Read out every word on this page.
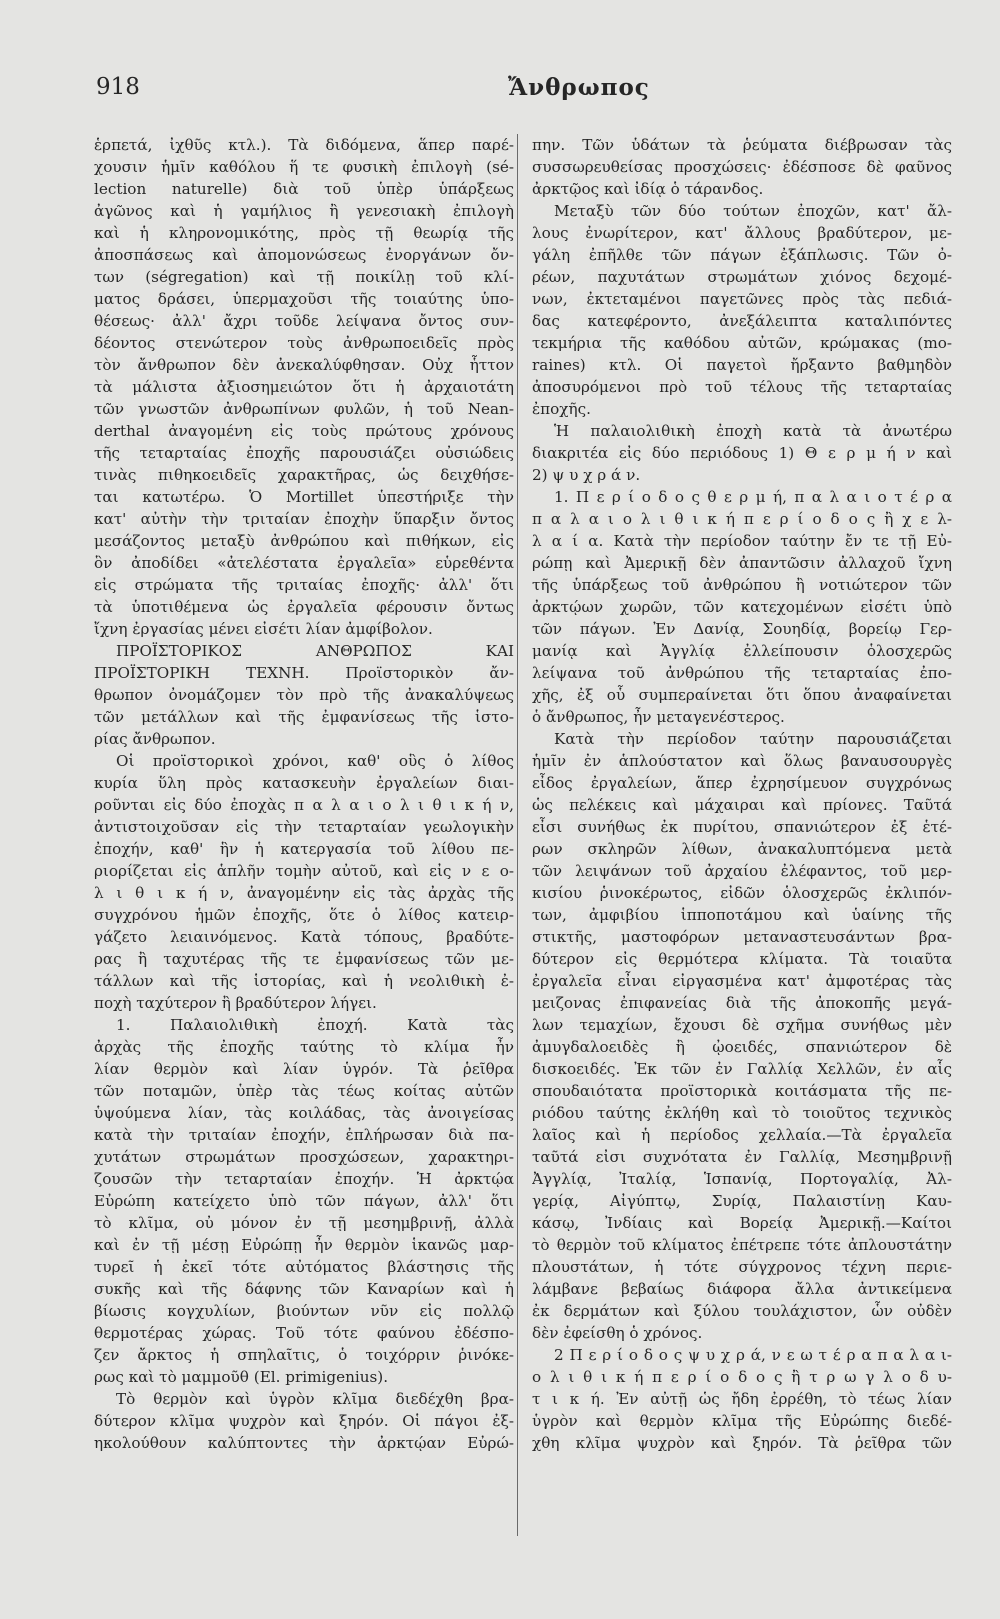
918	Ἄνθρωπος
ἑρπετά, ἰχθῦς κτλ.). Τὰ διδόμενα, ἅπερ παρέ-
χουσιν ἡμῖν καθόλου ἥ τε φυσικὴ ἐπιλογὴ (sé-
lection naturelle) διὰ τοῦ ὑπὲρ ὑπάρξεως
ἀγῶνος καὶ ἡ γαμήλιος ἢ γενεσιακὴ ἐπιλογὴ
καὶ ἡ κληρονομικότης, πρὸς τῇ θεωρίᾳ τῆς
ἀποσπάσεως καὶ ἀπομονώσεως ἐνοργάνων ὄν-
των (ségregation) καὶ τῇ ποικίλῃ τοῦ κλί-
ματος δράσει, ὑπερμαχοῦσι τῆς τοιαύτης ὑπο-
θέσεως· ἀλλ' ἄχρι τοῦδε λείψανα ὄντος συν-
δέοντος στενώτερον τοὺς ἀνθρωποειδεῖς πρὸς
τὸν ἄνθρωπον δὲν ἀνεκαλύφθησαν. Οὐχ ἧττον
τὰ μάλιστα ἀξιοσημειώτον ὅτι ἡ ἀρχαιοτάτη
τῶν γνωστῶν ἀνθρωπίνων φυλῶν, ἡ τοῦ Nean-
derthal ἀναγομένη εἰς τοὺς πρώτους χρόνους
τῆς τεταρταίας ἐποχῆς παρουσιάζει οὐσιώδεις
τινὰς πιθηκοειδεῖς χαρακτῆρας, ὡς δειχθήσε-
ται κατωτέρω. Ὁ Mortillet ὑπεστήριξε τὴν
κατ' αὐτὴν τὴν τριταίαν ἐποχὴν ὕπαρξιν ὄντος
μεσάζοντος μεταξὺ ἀνθρώπου καὶ πιθήκων, εἰς
ὃν ἀποδίδει «ἀτελέστατα ἐργαλεῖα» εὑρεθέντα
εἰς στρώματα τῆς τριταίας ἐποχῆς· ἀλλ' ὅτι
τὰ ὑποτιθέμενα ὡς ἐργαλεῖα φέρουσιν ὄντως
ἴχνη ἐργασίας μένει εἰσέτι λίαν ἀμφίβολον.
ΠΡΟΪΣΤΟΡΙΚΟΣ ΑΝΘΡΩΠΟΣ ΚΑΙ
ΠΡΟΪΣΤΟΡΙΚΗ ΤΕΧΝΗ. Προϊστορικὸν ἄν-
θρωπον ὀνομάζομεν τὸν πρὸ τῆς ἀνακαλύψεως
τῶν μετάλλων καὶ τῆς ἐμφανίσεως τῆς ἱστο-
ρίας ἄνθρωπον.
Οἱ προϊστορικοὶ χρόνοι, καθ' οὓς ὁ λίθος
κυρία ὕλη πρὸς κατασκευὴν ἐργαλείων διαι-
ροῦνται εἰς δύο ἐποχὰς π α λ α ι ο λ ι θ ι κ ή ν,
ἀντιστοιχοῦσαν εἰς τὴν τεταρταίαν γεωλογικὴν
ἐποχήν, καθ' ἣν ἡ κατεργασία τοῦ λίθου πε-
ριορίζεται εἰς ἁπλῆν τομὴν αὐτοῦ, καὶ εἰς ν ε ο-
λ ι θ ι κ ή ν, ἀναγομένην εἰς τὰς ἀρχὰς τῆς
συγχρόνου ἡμῶν ἐποχῆς, ὅτε ὁ λίθος κατειρ-
γάζετο λειαινόμενος. Κατὰ τόπους, βραδύτε-
ρας ἢ ταχυτέρας τῆς τε ἐμφανίσεως τῶν με-
τάλλων καὶ τῆς ἱστορίας, καὶ ἡ νεολιθικὴ ἐ-
ποχὴ ταχύτερον ἢ βραδύτερον λήγει.
1. Παλαιολιθικὴ ἐποχή. Κατὰ τὰς
ἀρχὰς τῆς ἐποχῆς ταύτης τὸ κλίμα ἦν
λίαν θερμὸν καὶ λίαν ὑγρόν. Τὰ ῥεῖθρα
τῶν ποταμῶν, ὑπὲρ τὰς τέως κοίτας αὐτῶν
ὑψούμενα λίαν, τὰς κοιλάδας, τὰς ἀνοιγείσας
κατὰ τὴν τριταίαν ἐποχήν, ἐπλήρωσαν διὰ πα-
χυτάτων στρωμάτων προσχώσεων, χαρακτηρι-
ζουσῶν τὴν τεταρταίαν ἐποχήν. Ἡ ἀρκτῴα
Εὐρώπη κατείχετο ὑπὸ τῶν πάγων, ἀλλ' ὅτι
τὸ κλῖμα, οὐ μόνον ἐν τῇ μεσημβρινῇ, ἀλλὰ
καὶ ἐν τῇ μέσῃ Εὐρώπῃ ἦν θερμὸν ἱκανῶς μαρ-
τυρεῖ ἡ ἐκεῖ τότε αὐτόματος βλάστησις τῆς
συκῆς καὶ τῆς δάφνης τῶν Καναρίων καὶ ἡ
βίωσις κογχυλίων, βιούντων νῦν εἰς πολλῷ
θερμοτέρας χώρας. Τοῦ τότε φαύνου ἐδέσπο-
ζεν ἄρκτος ἡ σπηλαῖτις, ὁ τοιχόρριν ῥινόκε-
ρως καὶ τὸ μαμμοῦθ (El. primigenius).
Τὸ θερμὸν καὶ ὑγρὸν κλῖμα διεδέχθη βρα-
δύτερον κλῖμα ψυχρὸν καὶ ξηρόν. Οἱ πάγοι ἐξ-
ηκολούθουν καλύπτοντες τὴν ἀρκτῴαν Εὐρώ-
πην. Τῶν ὑδάτων τὰ ῥεύματα διέβρωσαν τὰς
συσσωρευθείσας προσχώσεις· ἐδέσποσε δὲ φαῦνος
ἀρκτῷος καὶ ἰδίᾳ ὁ τάρανδος.
Μεταξὺ τῶν δύο τούτων ἐποχῶν, κατ' ἄλ-
λους ἐνωρίτερον, κατ' ἄλλους βραδύτερον, με-
γάλη ἐπῆλθε τῶν πάγων ἐξάπλωσις. Τῶν ὀ-
ρέων, παχυτάτων στρωμάτων χιόνος δεχομέ-
νων, ἐκτεταμένοι παγετῶνες πρὸς τὰς πεδιά-
δας κατεφέροντο, ἀνεξάλειπτα καταλιπόντες
τεκμήρια τῆς καθόδου αὐτῶν, κρώμακας (mo-
raines) κτλ. Οἱ παγετοὶ ἤρξαντο βαθμηδὸν
ἀποσυρόμενοι πρὸ τοῦ τέλους τῆς τεταρταίας
ἐποχῆς.
Ἡ παλαιολιθικὴ ἐποχὴ κατὰ τὰ ἀνωτέρω
διακριτέα εἰς δύο περιόδους 1) Θ ε ρ μ ή ν καὶ
2) ψ υ χ ρ ά ν.
1. Π ε ρ ί ο δ ο ς θ ε ρ μ ή, π α λ α ι ο τ έ ρ α
π α λ α ι ο λ ι θ ι κ ή π ε ρ ί ο δ ο ς ἢ χ ε λ-
λ α ί α. Κατὰ τὴν περίοδον ταύτην ἔν τε τῇ Εὐ-
ρώπῃ καὶ Ἀμερικῇ δὲν ἀπαντῶσιν ἀλλαχοῦ ἴχνη
τῆς ὑπάρξεως τοῦ ἀνθρώπου ἢ νοτιώτερον τῶν
ἀρκτῴων χωρῶν, τῶν κατεχομένων εἰσέτι ὑπὸ
τῶν πάγων. Ἐν Δανίᾳ, Σουηδίᾳ, βορείῳ Γερ-
μανίᾳ καὶ Ἀγγλίᾳ ἐλλείπουσιν ὁλοσχερῶς
λείψανα τοῦ ἀνθρώπου τῆς τεταρταίας ἐπο-
χῆς, ἐξ οὗ συμπεραίνεται ὅτι ὅπου ἀναφαίνεται
ὁ ἄνθρωπος, ἦν μεταγενέστερος.
Κατὰ τὴν περίοδον ταύτην παρουσιάζεται
ἡμῖν ἐν ἁπλούστατον καὶ ὅλως βαναυσουργὲς
εἶδος ἐργαλείων, ἅπερ ἐχρησίμευον συγχρόνως
ὡς πελέκεις καὶ μάχαιραι καὶ πρίονες. Ταῦτά
εἶσι συνήθως ἐκ πυρίτου, σπανιώτερον ἐξ ἑτέ-
ρων σκληρῶν λίθων, ἀνακαλυπτόμενα μετὰ
τῶν λειψάνων τοῦ ἀρχαίου ἐλέφαντος, τοῦ μερ-
κισίου ῥινοκέρωτος, εἰδῶν ὁλοσχερῶς ἐκλιπόν-
των, ἀμφιβίου ἱπποποτάμου καὶ ὑαίνης τῆς
στικτῆς, μαστοφόρων μεταναστευσάντων βρα-
δύτερον εἰς θερμότερα κλίματα. Τὰ τοιαῦτα
ἐργαλεῖα εἶναι εἰργασμένα κατ' ἀμφοτέρας τὰς
μειζονας ἐπιφανείας διὰ τῆς ἀποκοπῆς μεγά-
λων τεμαχίων, ἔχουσι δὲ σχῆμα συνήθως μὲν
ἀμυγδαλοειδὲς ἢ ᾠοειδές, σπανιώτερον δὲ
δισκοειδές. Ἐκ τῶν ἐν Γαλλίᾳ Χελλῶν, ἐν αἷς
σπουδαιότατα προϊστορικὰ κοιτάσματα τῆς πε-
ριόδου ταύτης ἐκλήθη καὶ τὸ τοιοῦτος τεχνικὸς
λαῖος καὶ ἡ περίοδος χελλαία.—Τὰ ἐργαλεῖα
ταῦτά εἰσι συχνότατα ἐν Γαλλίᾳ, Μεσημβρινῇ
Ἀγγλίᾳ, Ἰταλίᾳ, Ἱσπανίᾳ, Πορτογαλίᾳ, Ἀλ-
γερίᾳ, Αἰγύπτῳ, Συρίᾳ, Παλαιστίνῃ Καυ-
κάσῳ, Ἰνδίαις καὶ Βορείᾳ Ἀμερικῇ.—Καίτοι
τὸ θερμὸν τοῦ κλίματος ἐπέτρεπε τότε ἀπλουστάτην
πλουστάτων, ἡ τότε σύγχρονος τέχνη περιε-
λάμβανε βεβαίως διάφορα ἄλλα ἀντικείμενα
ἐκ δερμάτων καὶ ξύλου τουλάχιστον, ὧν οὐδὲν
δὲν ἐφείσθη ὁ χρόνος.
2 Π ε ρ ί ο δ ο ς ψ υ χ ρ ά, ν ε ω τ έ ρ α π α λ α ι-
ο λ ι θ ι κ ή π ε ρ ί ο δ ο ς ἢ τ ρ ω γ λ ο δ υ-
τ ι κ ή. Ἐν αὐτῇ ὡς ἤδη ἐρρέθη, τὸ τέως λίαν
ὑγρὸν καὶ θερμὸν κλῖμα τῆς Εὐρώπης διεδέ-
χθη κλῖμα ψυχρὸν καὶ ξηρόν. Τὰ ῥεῖθρα τῶν
